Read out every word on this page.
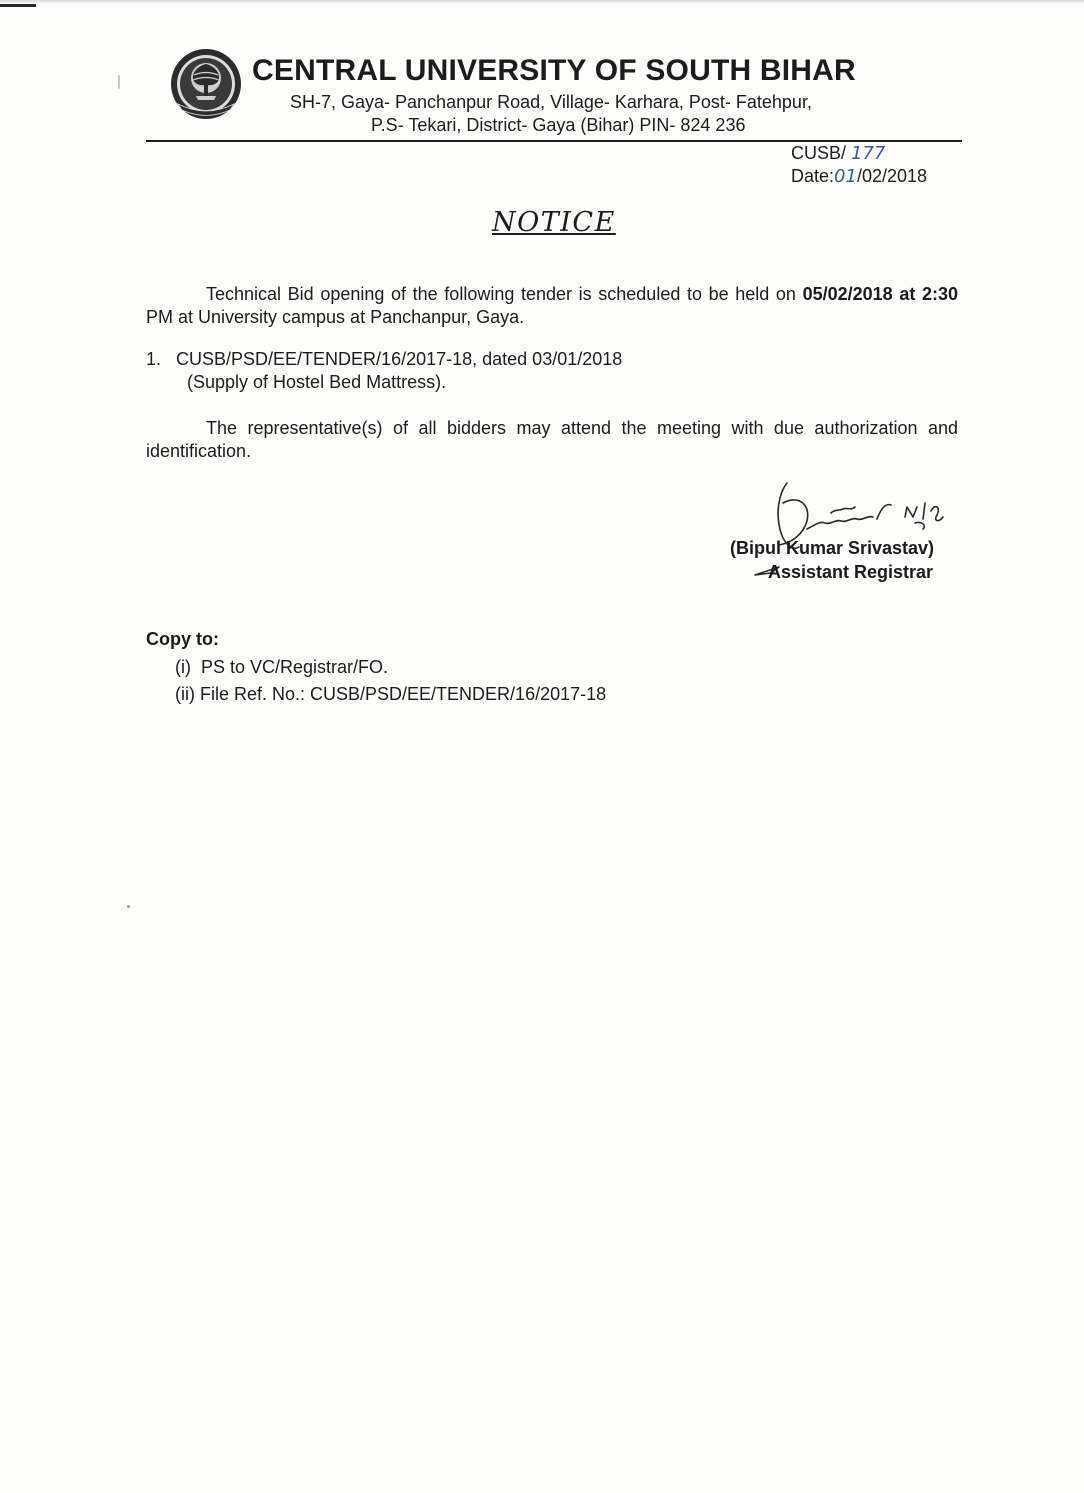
CENTRAL UNIVERSITY OF SOUTH BIHAR
SH-7, Gaya- Panchanpur Road, Village- Karhara, Post- Fatehpur,
P.S- Tekari, District- Gaya (Bihar) PIN- 824 236
CUSB/ 177
Date:01/02/2018
NOTICE
Technical Bid opening of the following tender is scheduled to be held on 05/02/2018 at 2:30 PM at University campus at Panchanpur, Gaya.
1.   CUSB/PSD/EE/TENDER/16/2017-18, dated 03/01/2018
(Supply of Hostel Bed Mattress).
The representative(s) of all bidders may attend the meeting with due authorization and identification.
(Bipul Kumar Srivastav)
Assistant Registrar
Copy to:
(i)  PS to VC/Registrar/FO.
(ii) File Ref. No.: CUSB/PSD/EE/TENDER/16/2017-18
